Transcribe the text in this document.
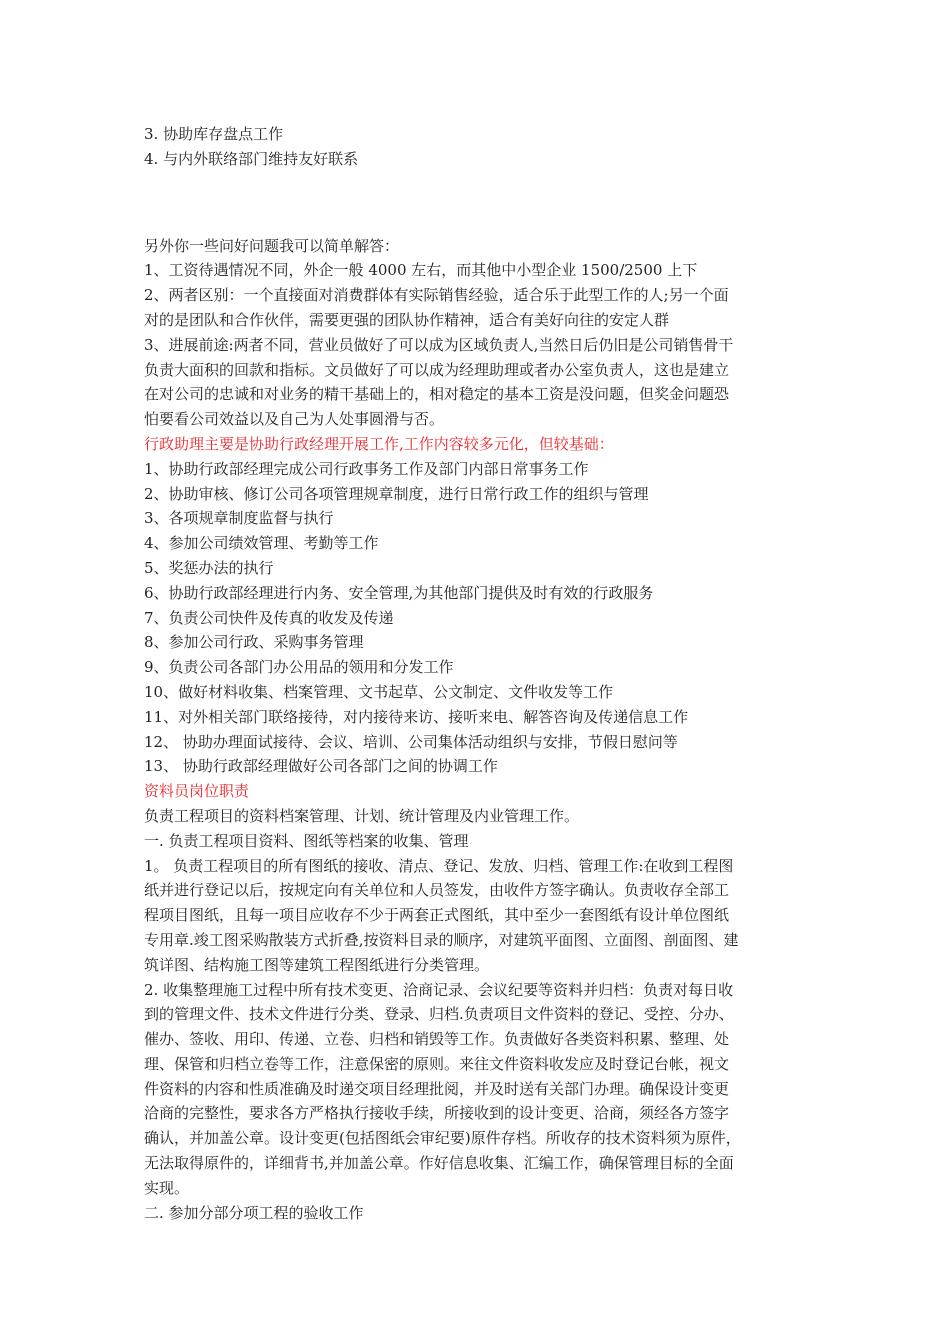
3. 协助库存盘点工作
4. 与内外联络部门维持友好联系
另外你一些问好问题我可以简单解答：
1、工资待遇情况不同，外企一般 4000 左右，而其他中小型企业 1500/2500 上下
2、两者区别：一个直接面对消费群体有实际销售经验，适合乐于此型工作的人;另一个面
对的是团队和合作伙伴，需要更强的团队协作精神，适合有美好向往的安定人群
3、进展前途:两者不同，营业员做好了可以成为区域负责人,当然日后仍旧是公司销售骨干
负责大面积的回款和指标。文员做好了可以成为经理助理或者办公室负责人，这也是建立
在对公司的忠诚和对业务的精干基础上的，相对稳定的基本工资是没问题，但奖金问题恐
怕要看公司效益以及自己为人处事圆滑与否。
行政助理主要是协助行政经理开展工作,工作内容较多元化，但较基础：
1、协助行政部经理完成公司行政事务工作及部门内部日常事务工作
2、协助审核、修订公司各项管理规章制度，进行日常行政工作的组织与管理
3、各项规章制度监督与执行
4、参加公司绩效管理、考勤等工作
5、奖惩办法的执行
6、协助行政部经理进行内务、安全管理,为其他部门提供及时有效的行政服务
7、负责公司快件及传真的收发及传递
8、参加公司行政、采购事务管理
9、负责公司各部门办公用品的领用和分发工作
10、做好材料收集、档案管理、文书起草、公文制定、文件收发等工作
11、对外相关部门联络接待，对内接待来访、接听来电、解答咨询及传递信息工作
12、 协助办理面试接待、会议、培训、公司集体活动组织与安排，节假日慰问等
13、 协助行政部经理做好公司各部门之间的协调工作
资料员岗位职责
负责工程项目的资料档案管理、计划、统计管理及内业管理工作。
一. 负责工程项目资料、图纸等档案的收集、管理
1。 负责工程项目的所有图纸的接收、清点、登记、发放、归档、管理工作:在收到工程图
纸并进行登记以后，按规定向有关单位和人员签发，由收件方签字确认。负责收存全部工
程项目图纸，且每一项目应收存不少于两套正式图纸，其中至少一套图纸有设计单位图纸
专用章.竣工图采购散装方式折叠,按资料目录的顺序，对建筑平面图、立面图、剖面图、建
筑详图、结构施工图等建筑工程图纸进行分类管理。
2. 收集整理施工过程中所有技术变更、洽商记录、会议纪要等资料并归档：负责对每日收
到的管理文件、技术文件进行分类、登录、归档.负责项目文件资料的登记、受控、分办、
催办、签收、用印、传递、立卷、归档和销毁等工作。负责做好各类资料积累、整理、处
理、保管和归档立卷等工作，注意保密的原则。来往文件资料收发应及时登记台帐，视文
件资料的内容和性质准确及时递交项目经理批阅，并及时送有关部门办理。确保设计变更
洽商的完整性，要求各方严格执行接收手续，所接收到的设计变更、洽商，须经各方签字
确认，并加盖公章。设计变更(包括图纸会审纪要)原件存档。所收存的技术资料须为原件，
无法取得原件的，详细背书,并加盖公章。作好信息收集、汇编工作，确保管理目标的全面
实现。
二. 参加分部分项工程的验收工作
